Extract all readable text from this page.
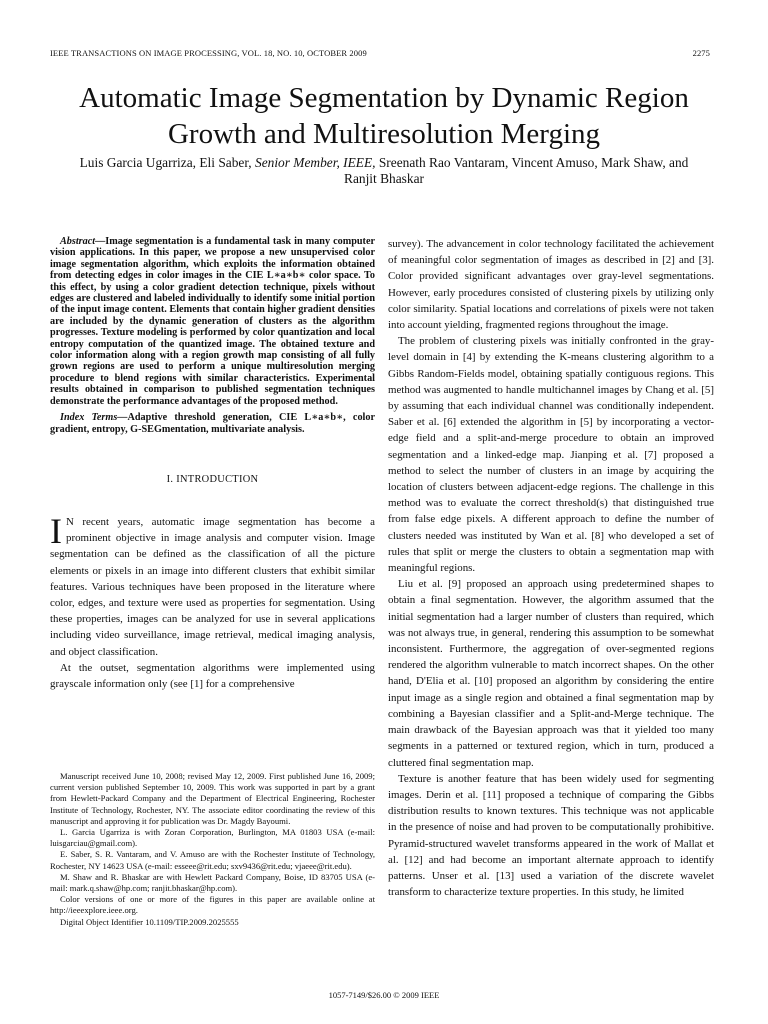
IEEE TRANSACTIONS ON IMAGE PROCESSING, VOL. 18, NO. 10, OCTOBER 2009	2275
Automatic Image Segmentation by Dynamic Region
Growth and Multiresolution Merging
Luis Garcia Ugarriza, Eli Saber, Senior Member, IEEE, Sreenath Rao Vantaram, Vincent Amuso, Mark Shaw, and
Ranjit Bhaskar

Abstract—Image segmentation is a fundamental task in many computer vision applications. In this paper, we propose a new unsupervised color image segmentation algorithm, which exploits the information obtained from detecting edges in color images in the CIE L∗a∗b∗ color space. To this effect, by using a color gradient detection technique, pixels without edges are clustered and labeled individually to identify some initial portion of the input image content. Elements that contain higher gradient densities are included by the dynamic generation of clusters as the algorithm progresses. Texture modeling is performed by color quantization and local entropy computation of the quantized image. The obtained texture and color information along with a region growth map consisting of all fully grown regions are used to perform a unique multiresolution merging procedure to blend regions with similar characteristics. Experimental results obtained in comparison to published segmentation techniques demonstrate the performance advantages of the proposed method.

Index Terms—Adaptive threshold generation, CIE L∗a∗b∗, color gradient, entropy, G-SEGmentation, multivariate analysis.

I. INTRODUCTION

I N recent years, automatic image segmentation has become a prominent objective in image analysis and computer vision. Image segmentation can be defined as the classification of all the picture elements or pixels in an image into different clusters that exhibit similar features. Various techniques have been proposed in the literature where color, edges, and texture were used as properties for segmentation. Using these properties, images can be analyzed for use in several applications including video surveillance, image retrieval, medical imaging analysis, and object classification.

At the outset, segmentation algorithms were implemented using grayscale information only (see [1] for a comprehensive

Manuscript received June 10, 2008; revised May 12, 2009. First published June 16, 2009; current version published September 10, 2009. This work was supported in part by a grant from Hewlett-Packard Company and the Department of Electrical Engineering, Rochester Institute of Technology, Rochester, NY. The associate editor coordinating the review of this manuscript and approving it for publication was Dr. Magdy Bayoumi.

L. Garcia Ugarriza is with Zoran Corporation, Burlington, MA 01803 USA (e-mail: luisgarciau@gmail.com).

E. Saber, S. R. Vantaram, and V. Amuso are with the Rochester Institute of Technology, Rochester, NY 14623 USA (e-mail: esseee@rit.edu; sxv9436@rit.edu; vjaeee@rit.edu).

M. Shaw and R. Bhaskar are with Hewlett Packard Company, Boise, ID 83705 USA (e-mail: mark.q.shaw@hp.com; ranjit.bhaskar@hp.com).

Color versions of one or more of the figures in this paper are available online at http://ieeexplore.ieee.org.

Digital Object Identifier 10.1109/TIP.2009.2025555

survey). The advancement in color technology facilitated the achievement of meaningful color segmentation of images as described in [2] and [3]. Color provided significant advantages over gray-level segmentations. However, early procedures consisted of clustering pixels by utilizing only color similarity. Spatial locations and correlations of pixels were not taken into account yielding, fragmented regions throughout the image.

The problem of clustering pixels was initially confronted in the gray-level domain in [4] by extending the K-means clustering algorithm to a Gibbs Random-Fields model, obtaining spatially contiguous regions. This method was augmented to handle multichannel images by Chang et al. [5] by assuming that each individual channel was conditionally independent. Saber et al. [6] extended the algorithm in [5] by incorporating a vector-edge field and a split-and-merge procedure to obtain an improved segmentation and a linked-edge map. Jianping et al. [7] proposed a method to select the number of clusters in an image by acquiring the location of clusters between adjacent-edge regions. The challenge in this method was to evaluate the correct threshold(s) that distinguished true from false edge pixels. A different approach to define the number of clusters needed was instituted by Wan et al. [8] who developed a set of rules that split or merge the clusters to obtain a segmentation map with meaningful regions.

Liu et al. [9] proposed an approach using predetermined shapes to obtain a final segmentation. However, the algorithm assumed that the initial segmentation had a larger number of clusters than required, which was not always true, in general, rendering this assumption to be somewhat inconsistent. Furthermore, the aggregation of over-segmented regions rendered the algorithm vulnerable to match incorrect shapes. On the other hand, D'Elia et al. [10] proposed an algorithm by considering the entire input image as a single region and obtained a final segmentation map by combining a Bayesian classifier and a Split-and-Merge technique. The main drawback of the Bayesian approach was that it yielded too many segments in a patterned or textured region, which in turn, produced a cluttered final segmentation map.

Texture is another feature that has been widely used for segmenting images. Derin et al. [11] proposed a technique of comparing the Gibbs distribution results to known textures. This technique was not applicable in the presence of noise and had proven to be computationally prohibitive. Pyramid-structured wavelet transforms appeared in the work of Mallat et al. [12] and had become an important alternate approach to identify patterns. Unser et al. [13] used a variation of the discrete wavelet transform to characterize texture properties. In this study, he limited

1057-7149/$26.00 © 2009 IEEE
